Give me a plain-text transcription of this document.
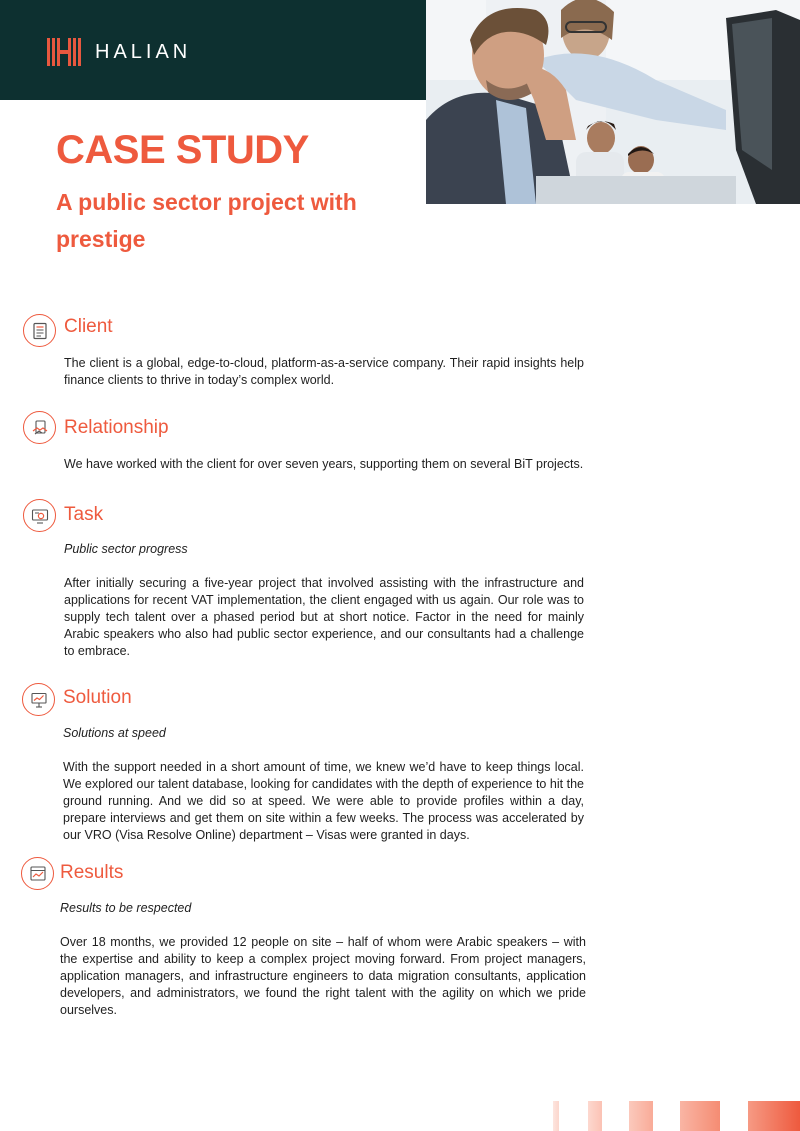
HALIAN
CASE STUDY
A public sector project with prestige
Client

The client is a global, edge-to-cloud, platform-as-a-service company. Their rapid insights help finance clients to thrive in today’s complex world.

Relationship

We have worked with the client for over seven years, supporting them on several BiT projects.

Task
Public sector progress

After initially securing a five-year project that involved assisting with the infrastructure and applications for recent VAT implementation, the client engaged with us again. Our role was to supply tech talent over a phased period but at short notice. Factor in the need for mainly Arabic speakers who also had public sector experience, and our consultants had a challenge to embrace.

Solution
Solutions at speed

With the support needed in a short amount of time, we knew we’d have to keep things local. We explored our talent database, looking for candidates with the depth of experience to hit the ground running. And we did so at speed. We were able to provide profiles within a day, prepare interviews and get them on site within a few weeks. The process was accelerated by our VRO (Visa Resolve Online) department – Visas were granted in days.

Results
Results to be respected

Over 18 months, we provided 12 people on site – half of whom were Arabic speakers – with the expertise and ability to keep a complex project moving forward. From project managers, application managers, and infrastructure engineers to data migration consultants, application developers, and administrators, we found the right talent with the agility on which we pride ourselves.
